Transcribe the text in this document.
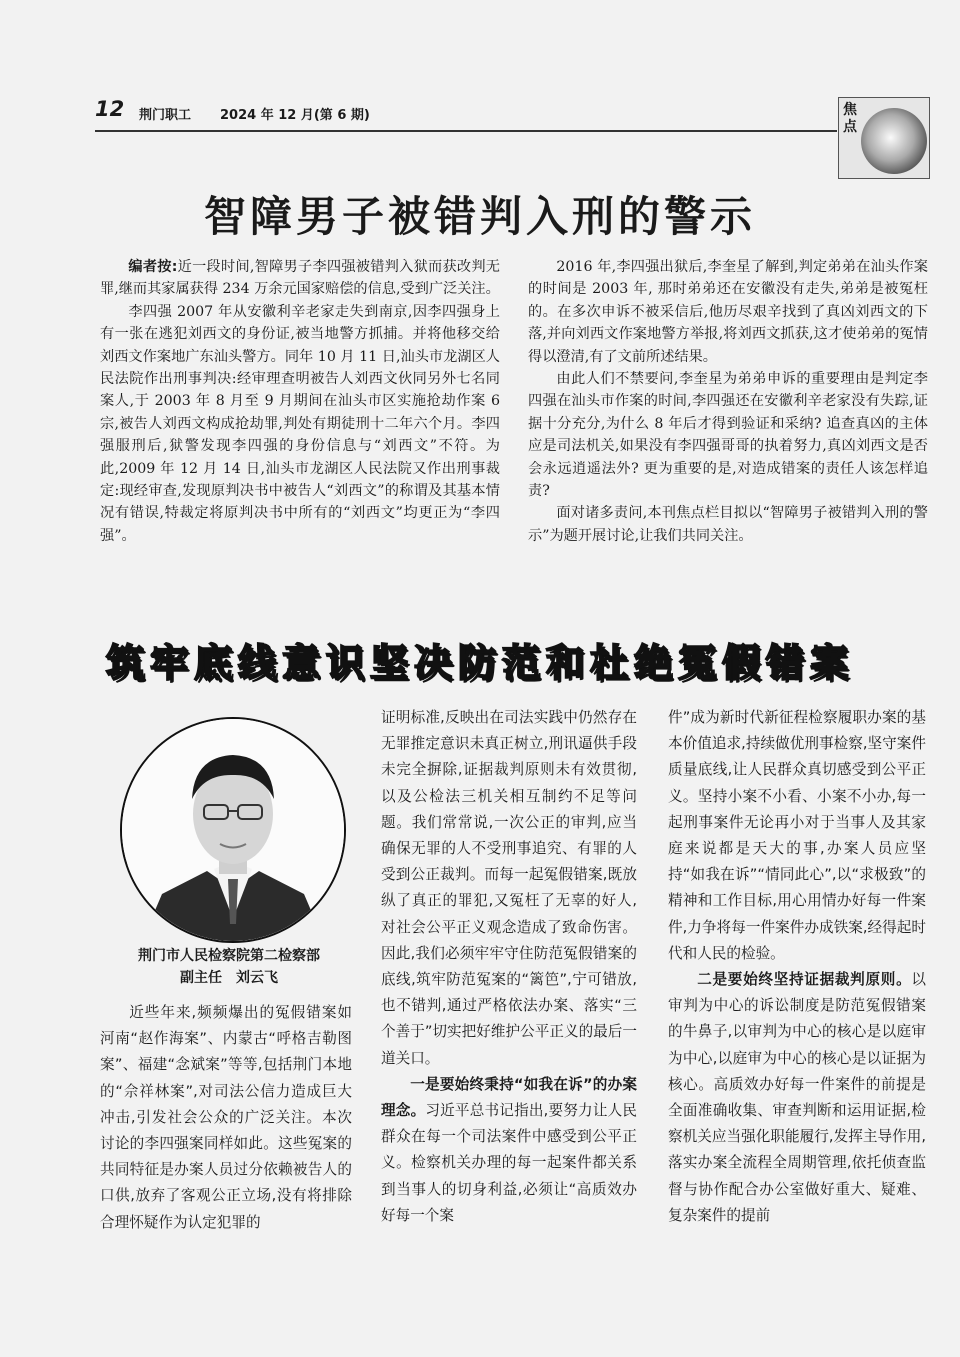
12 荆门职工 2024 年 12 月(第 6 期)	焦点
智障男子被错判入刑的警示

编者按:近一段时间,智障男子李四强被错判入狱而获改判无罪,继而其家属获得 234 万余元国家赔偿的信息,受到广泛关注。

李四强 2007 年从安徽利辛老家走失到南京,因李四强身上有一张在逃犯刘西文的身份证,被当地警方抓捕。并将他移交给刘西文作案地广东汕头警方。同年 10 月 11 日,汕头市龙湖区人民法院作出刑事判决:经审理查明被告人刘西文伙同另外七名同案人,于 2003 年 8 月至 9 月期间在汕头市区实施抢劫作案 6 宗,被告人刘西文构成抢劫罪,判处有期徒刑十二年六个月。李四强服刑后,狱警发现李四强的身份信息与“刘西文”不符。为此,2009 年 12 月 14 日,汕头市龙湖区人民法院又作出刑事裁定:现经审查,发现原判决书中被告人“刘西文”的称谓及其基本情况有错误,特裁定将原判决书中所有的“刘西文”均更正为“李四强”。

2016 年,李四强出狱后,李奎星了解到,判定弟弟在汕头作案的时间是 2003 年, 那时弟弟还在安徽没有走失,弟弟是被冤枉的。在多次申诉不被采信后,他历尽艰辛找到了真凶刘西文的下落,并向刘西文作案地警方举报,将刘西文抓获,这才使弟弟的冤情得以澄清,有了文前所述结果。

由此人们不禁要问,李奎星为弟弟申诉的重要理由是判定李四强在汕头市作案的时间,李四强还在安徽利辛老家没有失踪,证据十分充分,为什么 8 年后才得到验证和采纳? 追查真凶的主体应是司法机关,如果没有李四强哥哥的执着努力,真凶刘西文是否会永远逍遥法外? 更为重要的是,对造成错案的责任人该怎样追责?

面对诸多责问,本刊焦点栏目拟以“智障男子被错判入刑的警示”为题开展讨论,让我们共同关注。

筑牢底线意识坚决防范和杜绝冤假错案
荆门市人民检察院第二检察部
副主任　刘云飞

近些年来,频频爆出的冤假错案如河南“赵作海案”、内蒙古“呼格吉勒图案”、福建“念斌案”等等,包括荆门本地的“佘祥林案”,对司法公信力造成巨大冲击,引发社会公众的广泛关注。本次讨论的李四强案同样如此。这些冤案的共同特征是办案人员过分依赖被告人的口供,放弃了客观公正立场,没有将排除合理怀疑作为认定犯罪的

证明标准,反映出在司法实践中仍然存在无罪推定意识未真正树立,刑讯逼供手段未完全摒除,证据裁判原则未有效贯彻,以及公检法三机关相互制约不足等问题。我们常常说,一次公正的审判,应当确保无罪的人不受刑事追究、有罪的人受到公正裁判。而每一起冤假错案,既放纵了真正的罪犯,又冤枉了无辜的好人,对社会公平正义观念造成了致命伤害。因此,我们必须牢牢守住防范冤假错案的底线,筑牢防范冤案的“篱笆”,宁可错放,也不错判,通过严格依法办案、落实“三个善于”切实把好维护公平正义的最后一道关口。

一是要始终秉持“如我在诉”的办案理念。习近平总书记指出,要努力让人民群众在每一个司法案件中感受到公平正义。检察机关办理的每一起案件都关系到当事人的切身利益,必须让“高质效办好每一个案

件”成为新时代新征程检察履职办案的基本价值追求,持续做优刑事检察,坚守案件质量底线,让人民群众真切感受到公平正义。坚持小案不小看、小案不小办,每一起刑事案件无论再小对于当事人及其家庭来说都是天大的事,办案人员应坚持“如我在诉”“情同此心”,以“求极致”的精神和工作目标,用心用情办好每一件案件,力争将每一件案件办成铁案,经得起时代和人民的检验。

二是要始终坚持证据裁判原则。以审判为中心的诉讼制度是防范冤假错案的牛鼻子,以审判为中心的核心是以庭审为中心,以庭审为中心的核心是以证据为核心。高质效办好每一件案件的前提是全面准确收集、审查判断和运用证据,检察机关应当强化职能履行,发挥主导作用,落实办案全流程全周期管理,依托侦查监督与协作配合办公室做好重大、疑难、复杂案件的提前
